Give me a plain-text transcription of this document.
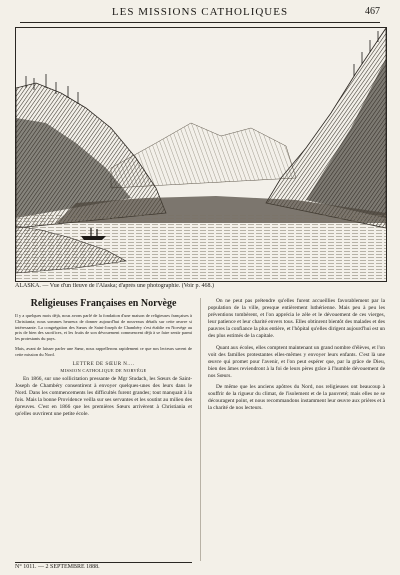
LES MISSIONS CATHOLIQUES	467
ALASKA. — Vue d'un fleuve de l'Alaska; d'après une photographie. (Voir p. 468.)
Religieuses Françaises en Norvège

Il y a quelques mois déjà, nous avons parlé de la fondation d'une maison de religieuses françaises à Christiania; nous sommes heureux de donner aujourd'hui de nouveaux détails sur cette œuvre si intéressante. La congrégation des Sœurs de Saint-Joseph de Chambéry s'est établie en Norvège au prix de bien des sacrifices, et les fruits de son dévouement commencent déjà à se faire sentir parmi les protestants du pays.

Mais, avant de laisser parler une Sœur, nous rappellerons rapidement ce que nos lecteurs savent de cette mission du Nord.

LETTRE DE SŒUR N....
MISSION CATHOLIQUE DE NORVÈGE

En 1866, sur une sollicitation pressante de Mgr Studach, les Sœurs de Saint-Joseph de Chambéry consentirent à envoyer quelques-unes des leurs dans le Nord. Dans les commencements les difficultés furent grandes; tout manquait à la fois. Mais la bonne Providence veilla sur ses servantes et les soutint au milieu des épreuves. C'est en 1866 que les premières Sœurs arrivèrent à Christiania et qu'elles ouvrirent une petite école.

On ne peut pas prétendre qu'elles furent accueillies favorablement par la population de la ville, presque entièrement luthérienne. Mais peu à peu les préventions tombèrent, et l'on apprécia le zèle et le dévouement de ces vierges, leur patience et leur charité envers tous. Elles obtinrent bientôt des malades et des pauvres la confiance la plus entière, et l'hôpital qu'elles dirigent aujourd'hui est un des plus estimés de la capitale.

Quant aux écoles, elles comptent maintenant un grand nombre d'élèves, et l'on voit des familles protestantes elles-mêmes y envoyer leurs enfants. C'est là une œuvre qui promet pour l'avenir, et l'on peut espérer que, par la grâce de Dieu, bien des âmes reviendront à la foi de leurs pères grâce à l'humble dévouement de nos Sœurs.

De même que les anciens apôtres du Nord, nos religieuses ont beaucoup à souffrir de la rigueur du climat, de l'isolement et de la pauvreté; mais elles ne se découragent point, et nous recommandons instamment leur œuvre aux prières et à la charité de nos lecteurs.

N° 1011. — 2 SEPTEMBRE 1888.
